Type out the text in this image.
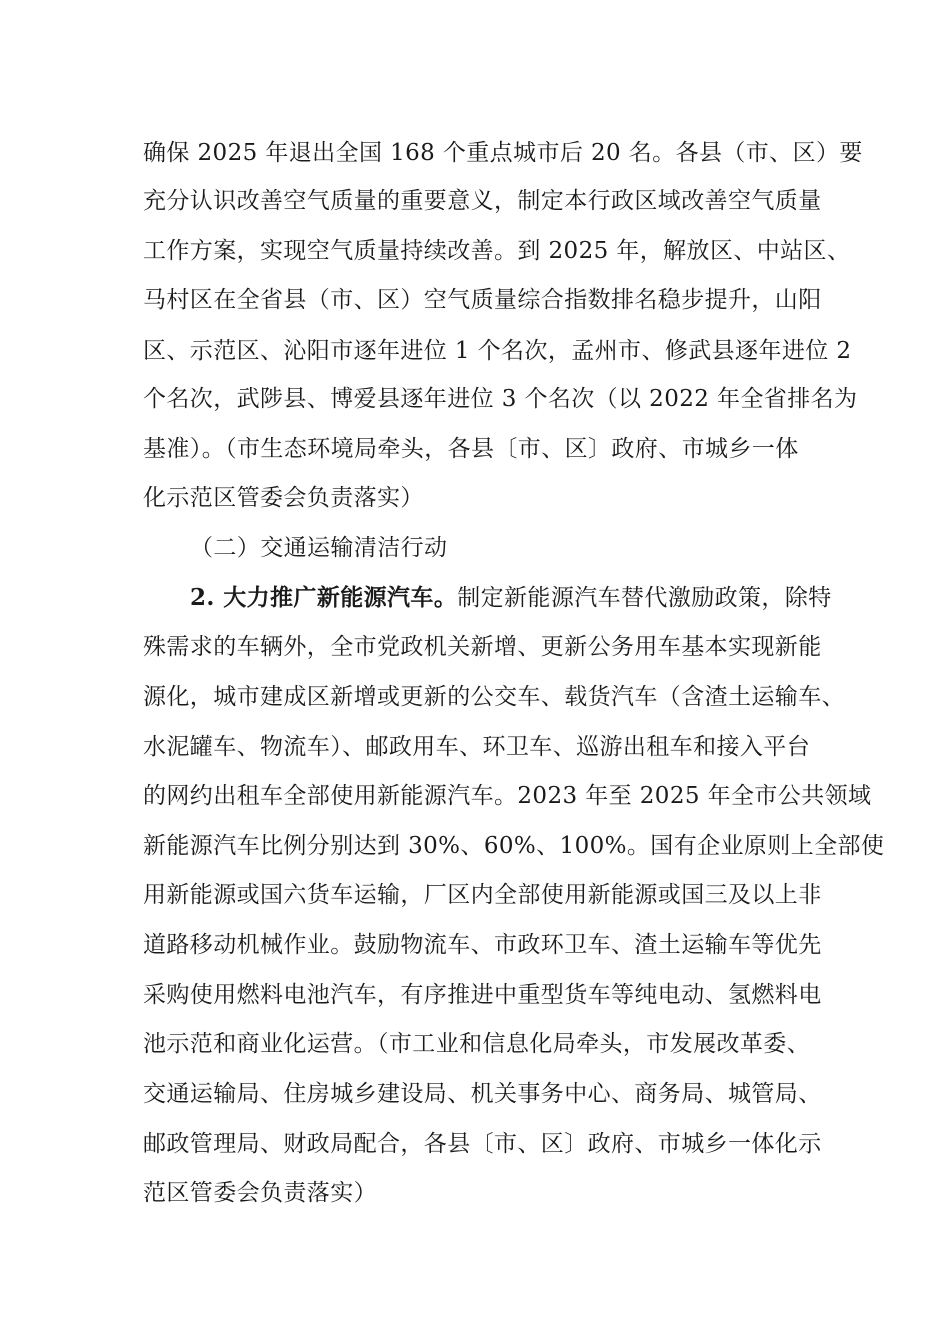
确保 2025 年退出全国 168 个重点城市后 20 名。各县（市、区）要
充分认识改善空气质量的重要意义，制定本行政区域改善空气质量
工作方案，实现空气质量持续改善。到 2025 年，解放区、中站区、
马村区在全省县（市、区）空气质量综合指数排名稳步提升，山阳
区、示范区、沁阳市逐年进位 1 个名次，孟州市、修武县逐年进位 2
个名次，武陟县、博爱县逐年进位 3 个名次（以 2022 年全省排名为
基准）。（市生态环境局牵头，各县〔市、区〕政府、市城乡一体
化示范区管委会负责落实）
（二）交通运输清洁行动
2. 大力推广新能源汽车。制定新能源汽车替代激励政策，除特
殊需求的车辆外，全市党政机关新增、更新公务用车基本实现新能
源化，城市建成区新增或更新的公交车、载货汽车（含渣土运输车、
水泥罐车、物流车）、邮政用车、环卫车、巡游出租车和接入平台
的网约出租车全部使用新能源汽车。2023 年至 2025 年全市公共领域
新能源汽车比例分别达到 30%、60%、100%。国有企业原则上全部使
用新能源或国六货车运输，厂区内全部使用新能源或国三及以上非
道路移动机械作业。鼓励物流车、市政环卫车、渣土运输车等优先
采购使用燃料电池汽车，有序推进中重型货车等纯电动、氢燃料电
池示范和商业化运营。（市工业和信息化局牵头，市发展改革委、
交通运输局、住房城乡建设局、机关事务中心、商务局、城管局、
邮政管理局、财政局配合，各县〔市、区〕政府、市城乡一体化示
范区管委会负责落实）
